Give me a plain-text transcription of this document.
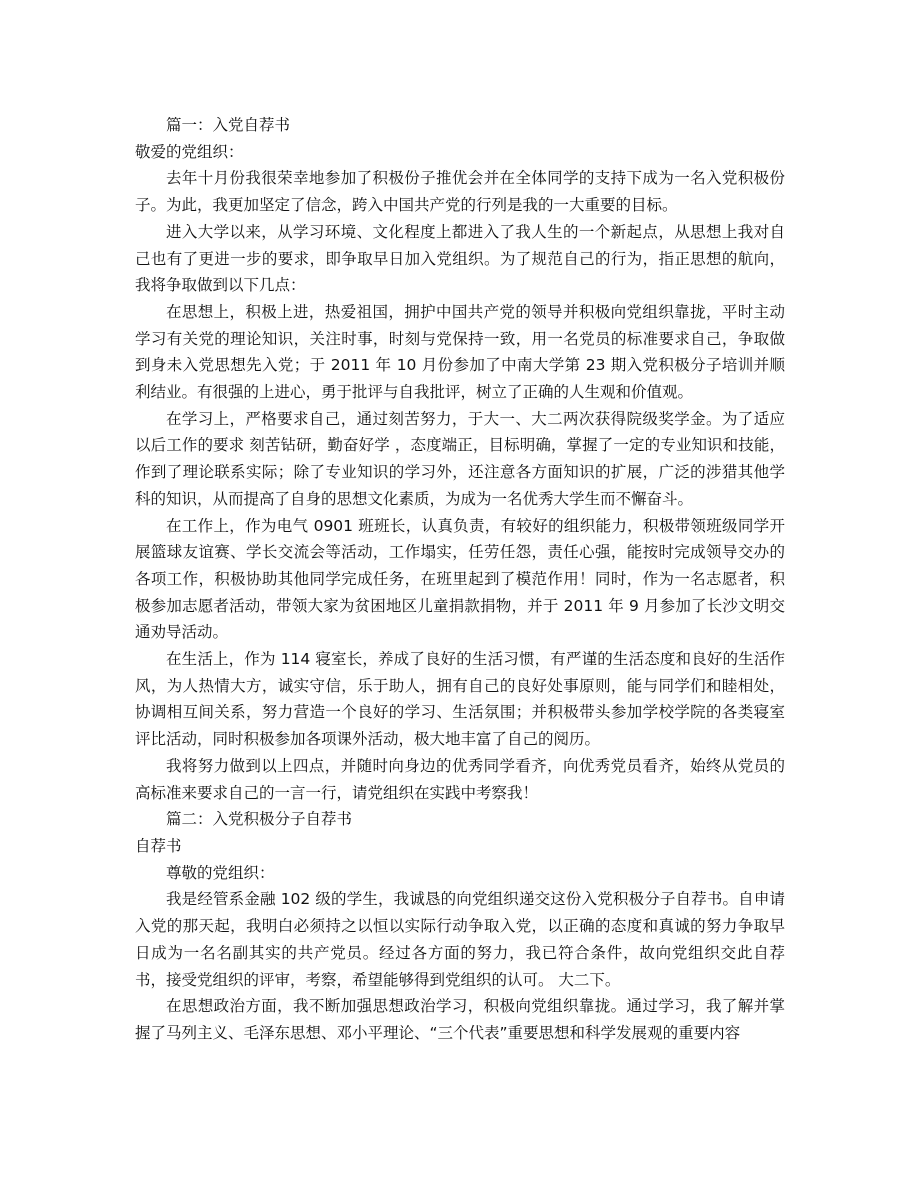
篇一：入党自荐书

敬爱的党组织：

去年十月份我很荣幸地参加了积极份子推优会并在全体同学的支持下成为一名入党积极份子。为此，我更加坚定了信念，跨入中国共产党的行列是我的一大重要的目标。

进入大学以来，从学习环境、文化程度上都进入了我人生的一个新起点，从思想上我对自己也有了更进一步的要求，即争取早日加入党组织。为了规范自己的行为，指正思想的航向，我将争取做到以下几点：

在思想上，积极上进，热爱祖国，拥护中国共产党的领导并积极向党组织靠拢，平时主动学习有关党的理论知识，关注时事，时刻与党保持一致，用一名党员的标准要求自己，争取做到身未入党思想先入党；于 2011 年 10 月份参加了中南大学第 23 期入党积极分子培训并顺利结业。有很强的上进心，勇于批评与自我批评，树立了正确的人生观和价值观。

在学习上，严格要求自己，通过刻苦努力，于大一、大二两次获得院级奖学金。为了适应以后工作的要求 刻苦钻研，勤奋好学 ，态度端正，目标明确，掌握了一定的专业知识和技能，作到了理论联系实际；除了专业知识的学习外，还注意各方面知识的扩展，广泛的涉猎其他学科的知识，从而提高了自身的思想文化素质，为成为一名优秀大学生而不懈奋斗。

在工作上，作为电气 0901 班班长，认真负责，有较好的组织能力，积极带领班级同学开展篮球友谊赛、学长交流会等活动，工作塌实，任劳任怨，责任心强，能按时完成领导交办的各项工作，积极协助其他同学完成任务，在班里起到了模范作用！同时，作为一名志愿者，积极参加志愿者活动，带领大家为贫困地区儿童捐款捐物，并于 2011 年 9 月参加了长沙文明交通劝导活动。

在生活上，作为 114 寝室长，养成了良好的生活习惯，有严谨的生活态度和良好的生活作风，为人热情大方，诚实守信，乐于助人，拥有自己的良好处事原则，能与同学们和睦相处，协调相互间关系，努力营造一个良好的学习、生活氛围；并积极带头参加学校学院的各类寝室评比活动，同时积极参加各项课外活动，极大地丰富了自己的阅历。

我将努力做到以上四点，并随时向身边的优秀同学看齐，向优秀党员看齐，始终从党员的高标准来要求自己的一言一行，请党组织在实践中考察我！

篇二：入党积极分子自荐书

自荐书

尊敬的党组织：

我是经管系金融 102 级的学生，我诚恳的向党组织递交这份入党积极分子自荐书。自申请入党的那天起，我明白必须持之以恒以实际行动争取入党，以正确的态度和真诚的努力争取早日成为一名名副其实的共产党员。经过各方面的努力，我已符合条件，故向党组织交此自荐书，接受党组织的评审，考察，希望能够得到党组织的认可。 大二下。

在思想政治方面，我不断加强思想政治学习，积极向党组织靠拢。通过学习，我了解并掌握了马列主义、毛泽东思想、邓小平理论、“三个代表”重要思想和科学发展观的重要内容
